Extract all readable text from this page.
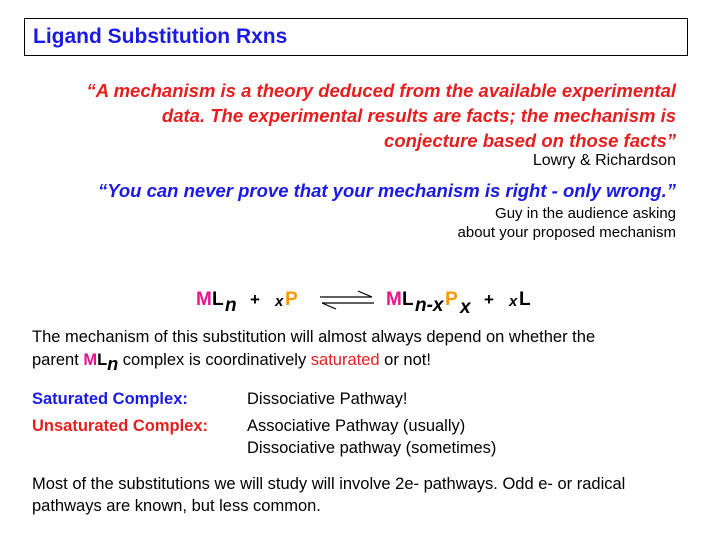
Ligand Substitution Rxns
“A mechanism is a theory deduced from the available experimental
data. The experimental results are facts; the mechanism is
conjecture based on those facts”
Lowry & Richardson
“You can never prove that your mechanism is right - only wrong.”
Guy in the audience asking
about your proposed mechanism
M L n + x P ⇌ M L n-x P x + x L
The mechanism of this substitution will almost always depend on whether the
parent MLn complex is coordinatively saturated or not!
Saturated Complex:	Dissociative Pathway!
Unsaturated Complex: Associative Pathway (usually)
Dissociative pathway (sometimes)
Most of the substitutions we will study will involve 2e- pathways. Odd e- or radical
pathways are known, but less common.
